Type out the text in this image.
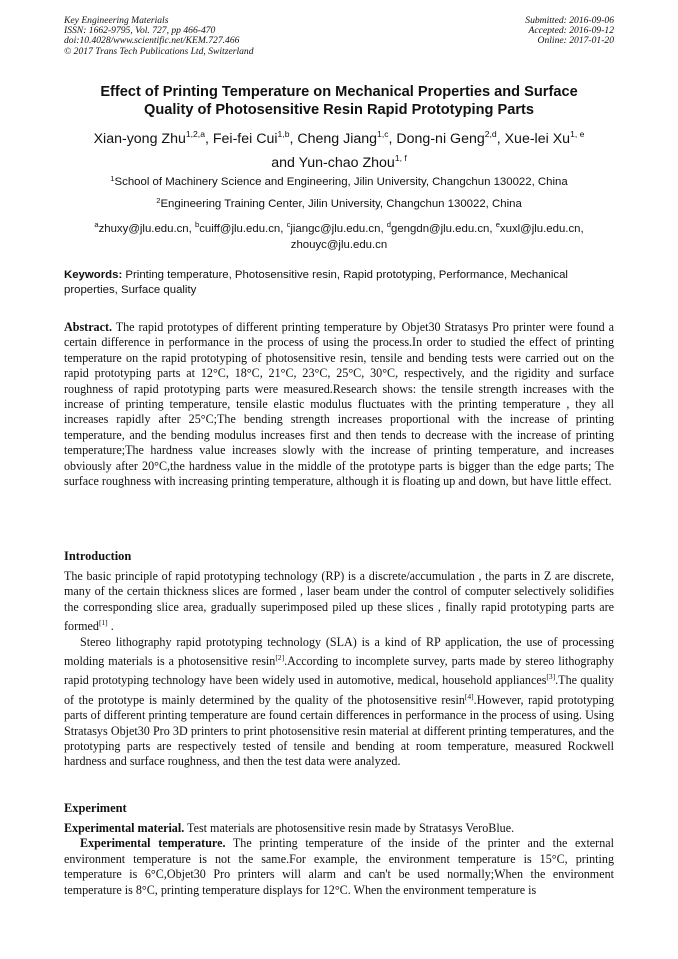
Key Engineering Materials
ISSN: 1662-9795, Vol. 727, pp 466-470
doi:10.4028/www.scientific.net/KEM.727.466
© 2017 Trans Tech Publications Ltd, Switzerland
Submitted: 2016-09-06
Accepted: 2016-09-12
Online: 2017-01-20
Effect of Printing Temperature on Mechanical Properties and Surface
Quality of Photosensitive Resin Rapid Prototyping Parts
Xian-yong Zhu$^{1,2,a}$, Fei-fei Cui$^{1,b}$, Cheng Jiang$^{1,c}$, Dong-ni Geng$^{2,d}$, Xue-lei Xu$^{1, e}$
and Yun-chao Zhou$^{1, f}$
$^1$School of Machinery Science and Engineering, Jilin University, Changchun 130022, China
$^2$Engineering Training Center, Jilin University, Changchun 130022, China
$^a$zhuxy@jlu.edu.cn, $^b$cuiff@jlu.edu.cn, $^c$jiangc@jlu.edu.cn, $^d$gengdn@jlu.edu.cn, $^e$xuxl@jlu.edu.cn,
zhouyc@jlu.edu.cn
Keywords: Printing temperature, Photosensitive resin, Rapid prototyping, Performance, Mechanical properties, Surface quality

Abstract. The rapid prototypes of different printing temperature by Objet30 Stratasys Pro printer were found a certain difference in performance in the process of using the process.In order to studied the effect of printing temperature on the rapid prototyping of photosensitive resin, tensile and bending tests were carried out on the rapid prototyping parts at 12°C, 18°C, 21°C, 23°C, 25°C, 30°C, respectively, and the rigidity and surface roughness of rapid prototyping parts were measured.Research shows: the tensile strength increases with the increase of printing temperature, tensile elastic modulus fluctuates with the printing temperature , they all increases rapidly after 25°C;The bending strength increases proportional with the increase of printing temperature, and the bending modulus increases first and then tends to decrease with the increase of printing temperature;The hardness value increases slowly with the increase of printing temperature, and increases obviously after 20°C,the hardness value in the middle of the prototype parts is bigger than the edge parts; The surface roughness with increasing printing temperature, although it is floating up and down, but have little effect.

Introduction

The basic principle of rapid prototyping technology (RP) is a discrete/accumulation , the parts in Z are discrete, many of the certain thickness slices are formed , laser beam under the control of computer selectively solidifies the corresponding slice area, gradually superimposed piled up these slices , finally rapid prototyping parts are formed[1] .

Stereo lithography rapid prototyping technology (SLA) is a kind of RP application, the use of processing molding materials is a photosensitive resin[2].According to incomplete survey, parts made by stereo lithography rapid prototyping technology have been widely used in automotive, medical, household appliances[3].The quality of the prototype is mainly determined by the quality of the photosensitive resin[4].However, rapid prototyping parts of different printing temperature are found certain differences in performance in the process of using. Using Stratasys Objet30 Pro 3D printers to print photosensitive resin material at different printing temperatures, and the prototyping parts are respectively tested of tensile and bending at room temperature, measured Rockwell hardness and surface roughness, and then the test data were analyzed.

Experiment

Experimental material. Test materials are photosensitive resin made by Stratasys VeroBlue.

Experimental temperature. The printing temperature of the inside of the printer and the external environment temperature is not the same.For example, the environment temperature is 15°C, printing temperature is 6°C,Objet30 Pro printers will alarm and can't be used normally;When the environment temperature is 8°C, printing temperature displays for 12°C. When the environment temperature is
